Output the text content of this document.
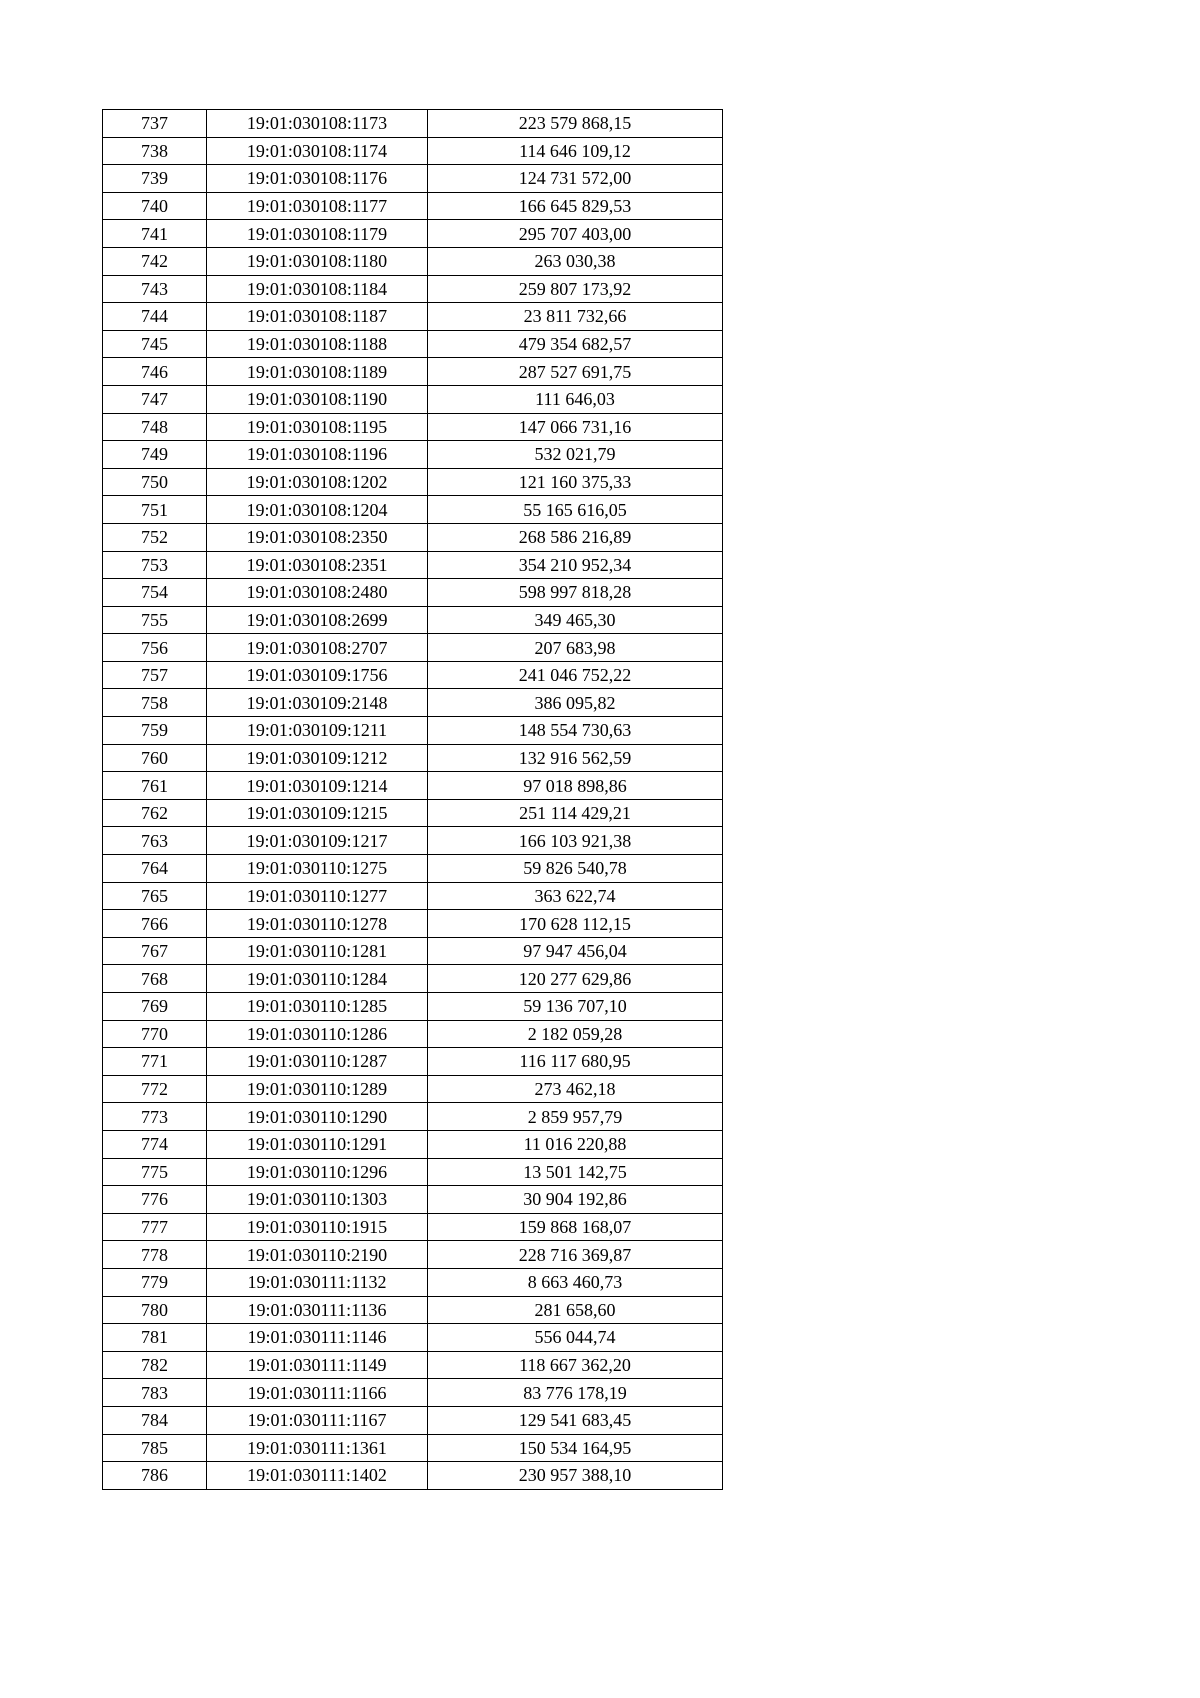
737	19:01:030108:1173	223 579 868,15
738	19:01:030108:1174	114 646 109,12
739	19:01:030108:1176	124 731 572,00
740	19:01:030108:1177	166 645 829,53
741	19:01:030108:1179	295 707 403,00
742	19:01:030108:1180	263 030,38
743	19:01:030108:1184	259 807 173,92
744	19:01:030108:1187	23 811 732,66
745	19:01:030108:1188	479 354 682,57
746	19:01:030108:1189	287 527 691,75
747	19:01:030108:1190	111 646,03
748	19:01:030108:1195	147 066 731,16
749	19:01:030108:1196	532 021,79
750	19:01:030108:1202	121 160 375,33
751	19:01:030108:1204	55 165 616,05
752	19:01:030108:2350	268 586 216,89
753	19:01:030108:2351	354 210 952,34
754	19:01:030108:2480	598 997 818,28
755	19:01:030108:2699	349 465,30
756	19:01:030108:2707	207 683,98
757	19:01:030109:1756	241 046 752,22
758	19:01:030109:2148	386 095,82
759	19:01:030109:1211	148 554 730,63
760	19:01:030109:1212	132 916 562,59
761	19:01:030109:1214	97 018 898,86
762	19:01:030109:1215	251 114 429,21
763	19:01:030109:1217	166 103 921,38
764	19:01:030110:1275	59 826 540,78
765	19:01:030110:1277	363 622,74
766	19:01:030110:1278	170 628 112,15
767	19:01:030110:1281	97 947 456,04
768	19:01:030110:1284	120 277 629,86
769	19:01:030110:1285	59 136 707,10
770	19:01:030110:1286	2 182 059,28
771	19:01:030110:1287	116 117 680,95
772	19:01:030110:1289	273 462,18
773	19:01:030110:1290	2 859 957,79
774	19:01:030110:1291	11 016 220,88
775	19:01:030110:1296	13 501 142,75
776	19:01:030110:1303	30 904 192,86
777	19:01:030110:1915	159 868 168,07
778	19:01:030110:2190	228 716 369,87
779	19:01:030111:1132	8 663 460,73
780	19:01:030111:1136	281 658,60
781	19:01:030111:1146	556 044,74
782	19:01:030111:1149	118 667 362,20
783	19:01:030111:1166	83 776 178,19
784	19:01:030111:1167	129 541 683,45
785	19:01:030111:1361	150 534 164,95
786	19:01:030111:1402	230 957 388,10
